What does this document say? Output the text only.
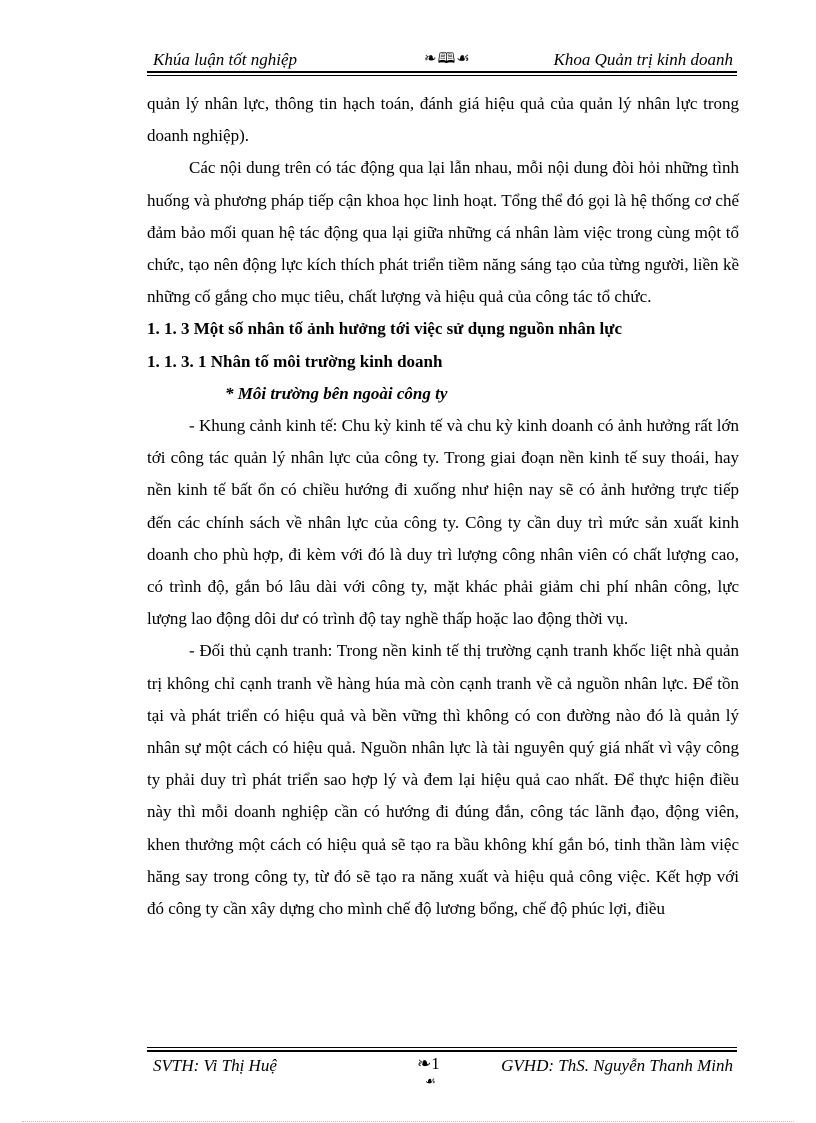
Khúa luận tốt nghiệp	❧🕮☙	Khoa Quản trị kinh doanh

quản lý nhân lực, thông tin hạch toán, đánh giá hiệu quả của quản lý nhân lực trong doanh nghiệp).

Các nội dung trên có tác động qua lại lẫn nhau, mỗi nội dung đòi hỏi những tình huống và phương pháp tiếp cận khoa học linh hoạt. Tổng thể đó gọi là hệ thống cơ chế đảm bảo mối quan hệ tác động qua lại giữa những cá nhân làm việc trong cùng một tổ chức, tạo nên động lực kích thích phát triển tiềm năng sáng tạo của từng người, liền kề những cố gắng cho mục tiêu, chất lượng và hiệu quả của công tác tổ chức.

1. 1. 3 Một số nhân tố ảnh hưởng tới việc sử dụng nguồn nhân lực

1. 1. 3. 1 Nhân tố môi trường kinh doanh

* Môi trường bên ngoài công ty

- Khung cảnh kinh tế: Chu kỳ kinh tế và chu kỳ kinh doanh có ảnh hưởng rất lớn tới công tác quản lý nhân lực của công ty. Trong giai đoạn nền kinh tế suy thoái, hay nền kinh tế bất ổn có chiều hướng đi xuống như hiện nay sẽ có ảnh hưởng trực tiếp đến các chính sách về nhân lực của công ty. Công ty cần duy trì mức sản xuất kinh doanh cho phù hợp, đi kèm với đó là duy trì lượng công nhân viên có chất lượng cao, có trình độ, gắn bó lâu dài với công ty, mặt khác phải giảm chi phí nhân công, lực lượng lao động dôi dư có trình độ tay nghề thấp hoặc lao động thời vụ.

- Đối thủ cạnh tranh: Trong nền kinh tế thị trường cạnh tranh khốc liệt nhà quản trị không chỉ cạnh tranh về hàng húa mà còn cạnh tranh về cả nguồn nhân lực. Để tồn tại và phát triển có hiệu quả và bền vững thì không có con đường nào đó là quản lý nhân sự một cách có hiệu quả. Nguồn nhân lực là tài nguyên quý giá nhất vì vậy công ty phải duy trì phát triển sao hợp lý và đem lại hiệu quả cao nhất. Để thực hiện điều này thì mỗi doanh nghiệp cần có hướng đi đúng đắn, công tác lãnh đạo, động viên, khen thưởng một cách có hiệu quả sẽ tạo ra bầu không khí gắn bó, tinh thần làm việc hăng say trong công ty, từ đó sẽ tạo ra năng xuất và hiệu quả công việc. Kết hợp với đó công ty cần xây dựng cho mình chế độ lương bổng, chế độ phúc lợi, điều

SVTH: Vi Thị Huệ	❧1
☙
GVHD: ThS. Nguyễn Thanh Minh
